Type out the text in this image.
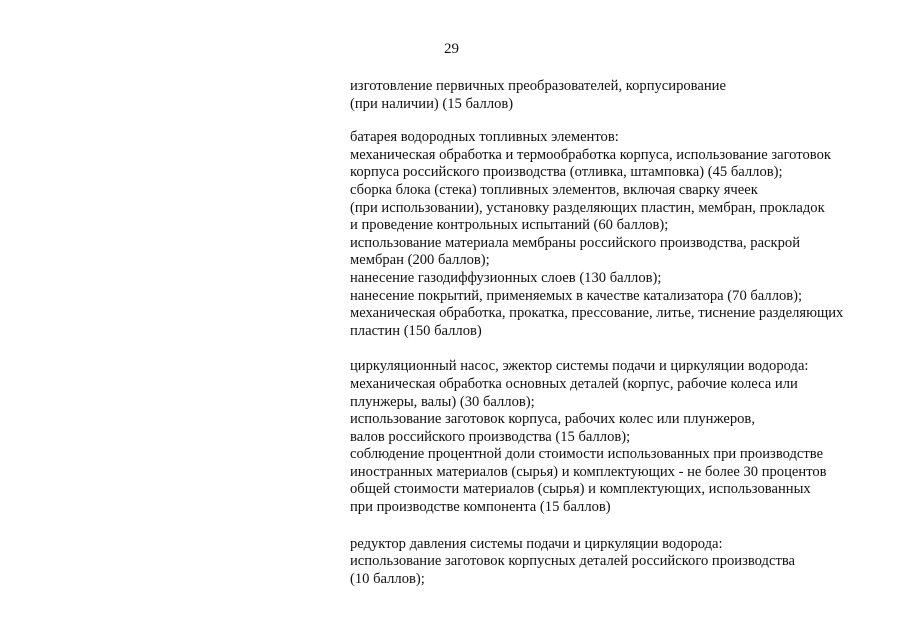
29
изготовление первичных преобразователей, корпусирование
(при наличии) (15 баллов)
батарея водородных топливных элементов:
механическая обработка и термообработка корпуса, использование заготовок
корпуса российского производства (отливка, штамповка) (45 баллов);
сборка блока (стека) топливных элементов, включая сварку ячеек
(при использовании), установку разделяющих пластин, мембран, прокладок
и проведение контрольных испытаний (60 баллов);
использование материала мембраны российского производства, раскрой
мембран (200 баллов);
нанесение газодиффузионных слоев (130 баллов);
нанесение покрытий, применяемых в качестве катализатора (70 баллов);
механическая обработка, прокатка, прессование, литье, тиснение разделяющих
пластин (150 баллов)
циркуляционный насос, эжектор системы подачи и циркуляции водорода:
механическая обработка основных деталей (корпус, рабочие колеса или
плунжеры, валы) (30 баллов);
использование заготовок корпуса, рабочих колес или плунжеров,
валов российского производства (15 баллов);
соблюдение процентной доли стоимости использованных при производстве
иностранных материалов (сырья) и комплектующих - не более 30 процентов
общей стоимости материалов (сырья) и комплектующих, использованных
при производстве компонента (15 баллов)
редуктор давления системы подачи и циркуляции водорода:
использование заготовок корпусных деталей российского производства
(10 баллов);
